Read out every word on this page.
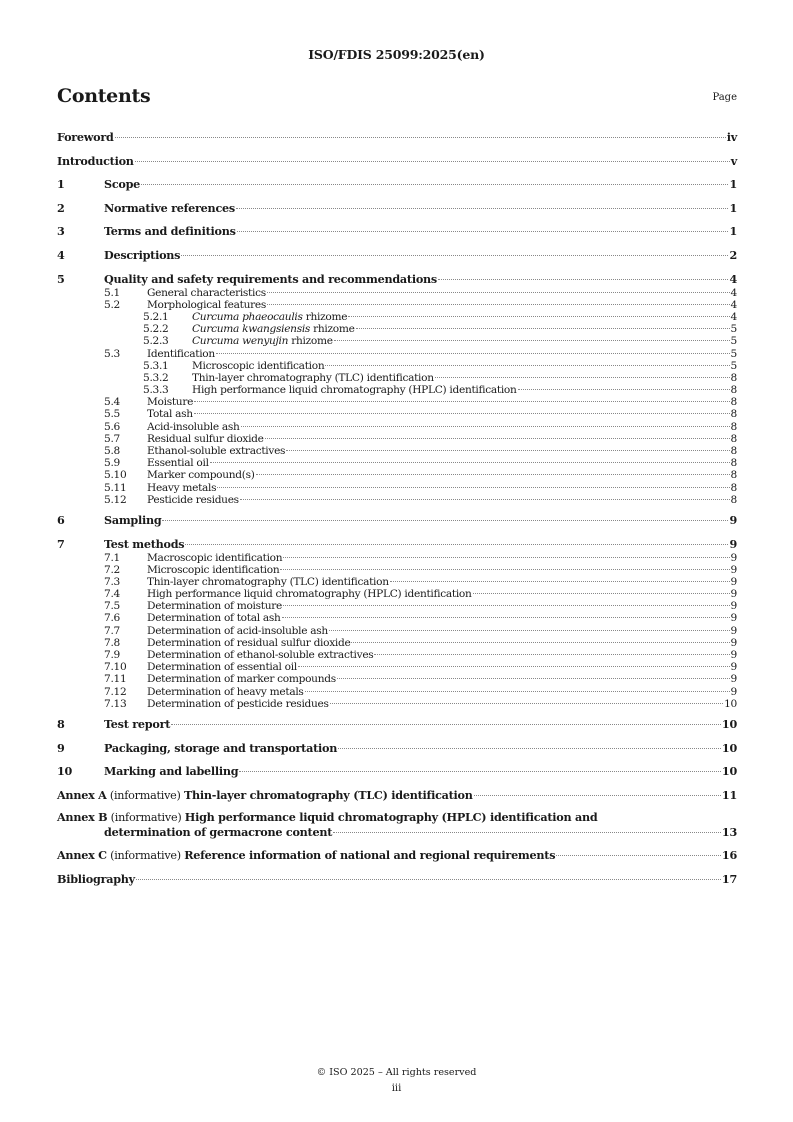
ISO/FDIS 25099:2025(en)
Contents	Page
Foreword	iv
Introduction	v
1	Scope	1
2	Normative references	1
3	Terms and definitions	1
4	Descriptions	2
5	Quality and safety requirements and recommendations	4
5.1	General characteristics	4
5.2	Morphological features	4
5.2.1	Curcuma phaeocaulis rhizome	4
5.2.2	Curcuma kwangsiensis rhizome	5
5.2.3	Curcuma wenyujin rhizome	5
5.3	Identification	5
5.3.1	Microscopic identification	5
5.3.2	Thin-layer chromatography (TLC) identification	8
5.3.3	High performance liquid chromatography (HPLC) identification	8
5.4	Moisture	8
5.5	Total ash	8
5.6	Acid-insoluble ash	8
5.7	Residual sulfur dioxide	8
5.8	Ethanol-soluble extractives	8
5.9	Essential oil	8
5.10	Marker compound(s)	8
5.11	Heavy metals	8
5.12	Pesticide residues	8
6	Sampling	9
7	Test methods	9
7.1	Macroscopic identification	9
7.2	Microscopic identification	9
7.3	Thin-layer chromatography (TLC) identification	9
7.4	High performance liquid chromatography (HPLC) identification	9
7.5	Determination of moisture	9
7.6	Determination of total ash	9
7.7	Determination of acid-insoluble ash	9
7.8	Determination of residual sulfur dioxide	9
7.9	Determination of ethanol-soluble extractives	9
7.10	Determination of essential oil	9
7.11	Determination of marker compounds	9
7.12	Determination of heavy metals	9
7.13	Determination of pesticide residues	10
8	Test report	10
9	Packaging, storage and transportation	10
10	Marking and labelling	10
Annex A (informative) Thin-layer chromatography (TLC) identification	11
Annex B (informative) High performance liquid chromatography (HPLC) identification and
determination of germacrone content	13
Annex C (informative) Reference information of national and regional requirements	16
Bibliography	17
© ISO 2025 – All rights reserved
iii
